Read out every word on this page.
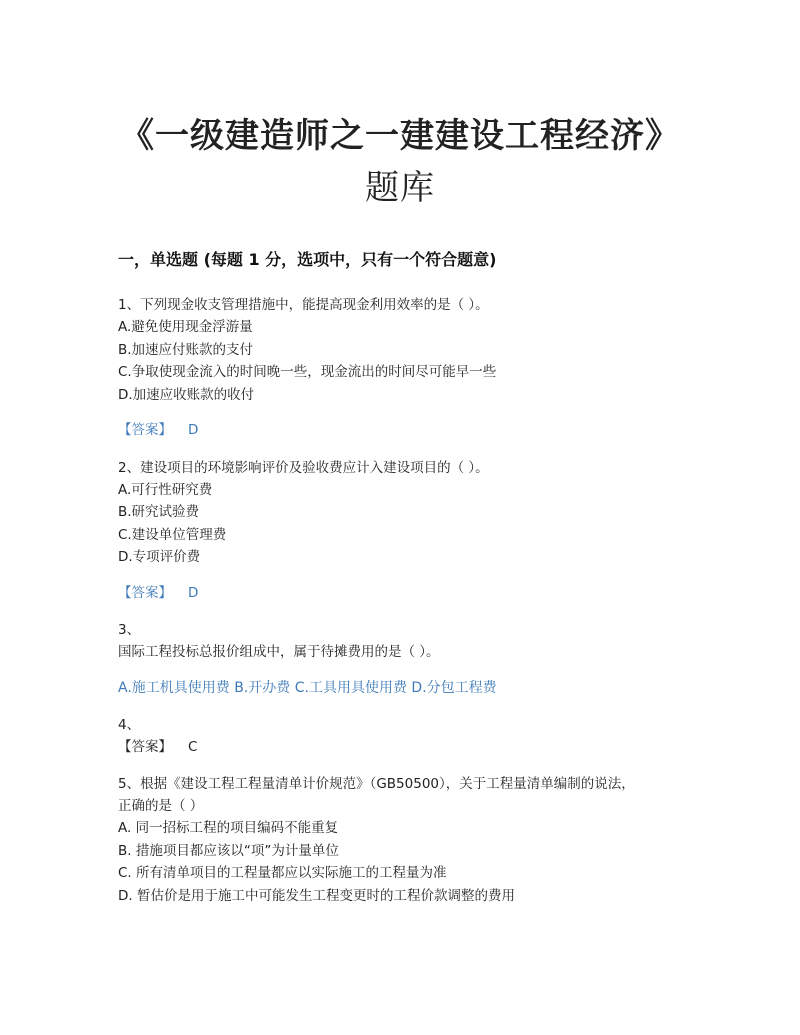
《一级建造师之一建建设工程经济》
题库
一，单选题 (每题 1 分，选项中，只有一个符合题意)
1、下列现金收支管理措施中，能提高现金利用效率的是（ ）。
A.避免使用现金浮游量
B.加速应付账款的支付
C.争取使现金流入的时间晚一些，现金流出的时间尽可能早一些
D.加速应收账款的收付
【答案】 D
2、建设项目的环境影响评价及验收费应计入建设项目的（ ）。
A.可行性研究费
B.研究试验费
C.建设单位管理费
D.专项评价费
【答案】 D
3、
国际工程投标总报价组成中，属于待摊费用的是（ ）。
A.施工机具使用费 B.开办费 C.工具用具使用费 D.分包工程费
4、
【答案】 C
5、根据《建设工程工程量清单计价规范》（GB50500），关于工程量清单编制的说法，
正确的是（ ）
A. 同一招标工程的项目编码不能重复
B. 措施项目都应该以“项”为计量单位
C. 所有清单项目的工程量都应以实际施工的工程量为准
D. 暂估价是用于施工中可能发生工程变更时的工程价款调整的费用
